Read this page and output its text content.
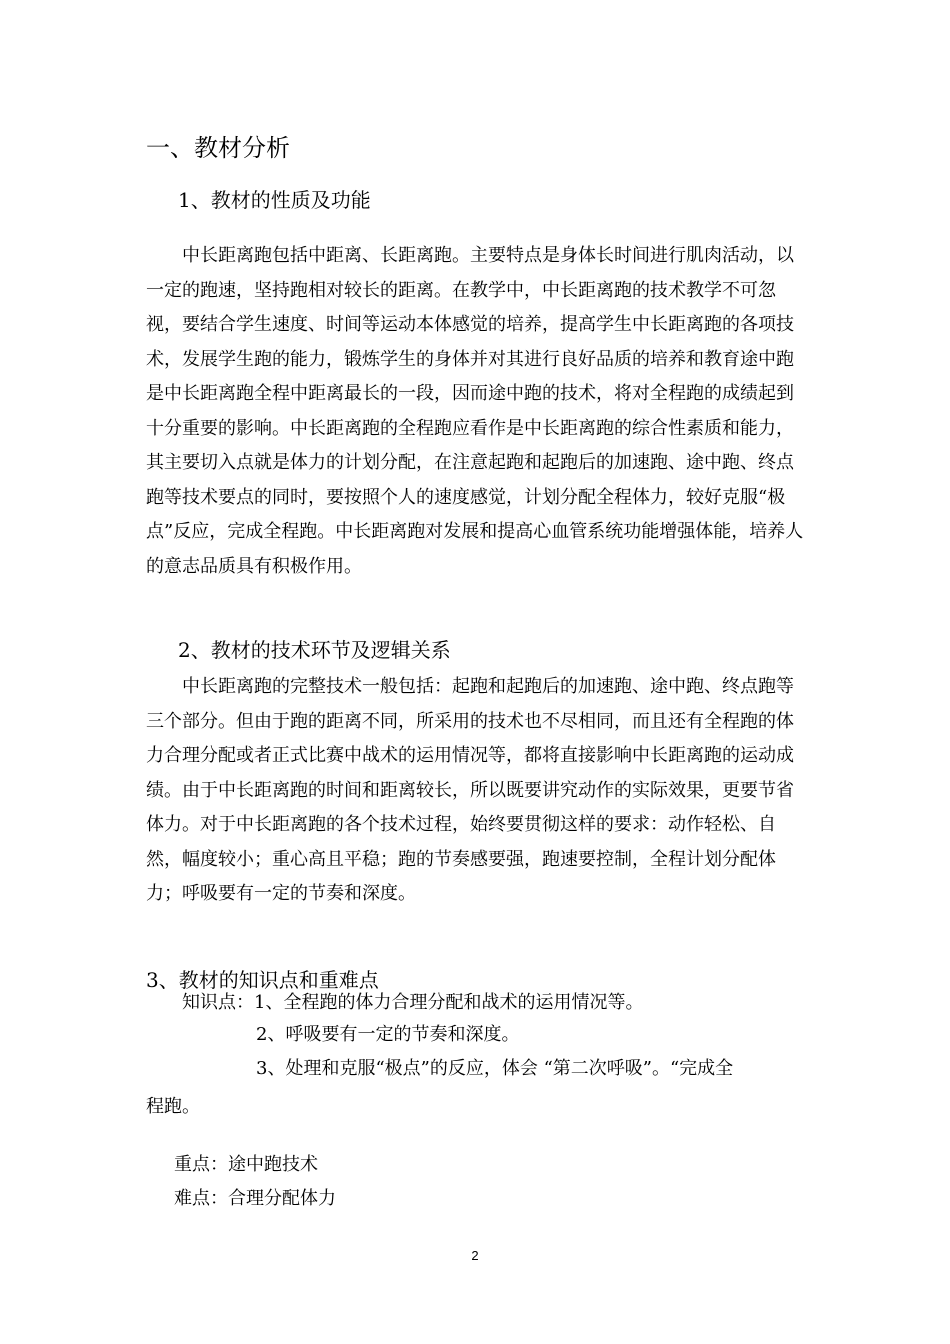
一、教材分析
1、教材的性质及功能

中长距离跑包括中距离、长距离跑。主要特点是身体长时间进行肌肉活动，以一定的跑速，坚持跑相对较长的距离。在教学中，中长距离跑的技术教学不可忽视，要结合学生速度、时间等运动本体感觉的培养，提高学生中长距离跑的各项技术，发展学生跑的能力，锻炼学生的身体并对其进行良好品质的培养和教育途中跑是中长距离跑全程中距离最长的一段，因而途中跑的技术，将对全程跑的成绩起到十分重要的影响。中长距离跑的全程跑应看作是中长距离跑的综合性素质和能力，其主要切入点就是体力的计划分配，在注意起跑和起跑后的加速跑、途中跑、终点跑等技术要点的同时，要按照个人的速度感觉，计划分配全程体力，较好克服“极点”反应，完成全程跑。中长距离跑对发展和提高心血管系统功能增强体能，培养人的意志品质具有积极作用。

2、教材的技术环节及逻辑关系

中长距离跑的完整技术一般包括：起跑和起跑后的加速跑、途中跑、终点跑等三个部分。但由于跑的距离不同，所采用的技术也不尽相同，而且还有全程跑的体力合理分配或者正式比赛中战术的运用情况等，都将直接影响中长距离跑的运动成绩。由于中长距离跑的时间和距离较长，所以既要讲究动作的实际效果，更要节省体力。对于中长距离跑的各个技术过程，始终要贯彻这样的要求：动作轻松、自然，幅度较小；重心高且平稳；跑的节奏感要强，跑速要控制，全程计划分配体力；呼吸要有一定的节奏和深度。

3、教材的知识点和重难点
知识点：1、全程跑的体力合理分配和战术的运用情况等。
2、呼吸要有一定的节奏和深度。
3、处理和克服“极点”的反应，体会 “第二次呼吸”。“完成全
程跑。
重点：途中跑技术
难点：合理分配体力
2
